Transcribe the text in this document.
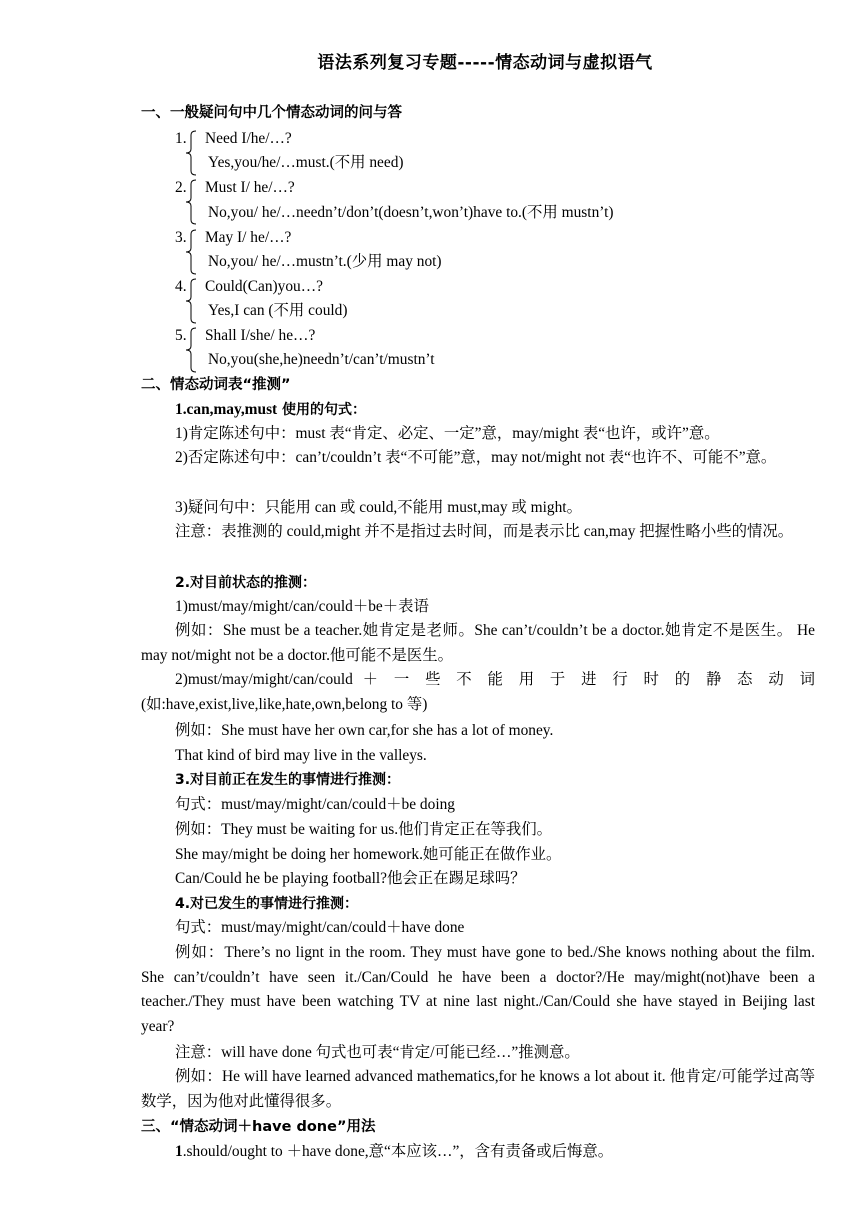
语法系列复习专题-----情态动词与虚拟语气
一、一般疑问句中几个情态动词的问与答
1. Need I/he/…?
Yes,you/he/…must.(不用 need)
2. Must I/ he/…?
No,you/ he/…needn’t/don’t(doesn’t,won’t)have to.(不用 mustn’t)
3. May I/ he/…?
No,you/ he/…mustn’t.(少用 may not)
4. Could(Can)you…?
Yes,I can (不用 could)
5. Shall I/she/ he…?
No,you(she,he)needn’t/can’t/mustn’t
二、情态动词表“推测”
1.can,may,must 使用的句式：
1)肯定陈述句中：must 表“肯定、必定、一定”意，may/might 表“也许，或许”意。
2)否定陈述句中：can’t/couldn’t 表“不可能”意，may not/might not 表“也许不、可能不”意。
3)疑问句中：只能用 can 或 could,不能用 must,may 或 might。
注意：表推测的 could,might 并不是指过去时间，而是表示比 can,may 把握性略小些的情况。
2.对目前状态的推测：
1)must/may/might/can/could＋be＋表语
例如：She must be a teacher.她肯定是老师。She can’t/couldn’t be a doctor.她肯定不是医生。 He may not/might not be a doctor.他可能不是医生。
2)must/may/might/can/could ＋ 一 些 不 能 用 于 进 行 时 的 静 态 动 词 (如:have,exist,live,like,hate,own,belong to 等)
例如：She must have her own car,for she has a lot of money.
That kind of bird may live in the valleys.
3.对目前正在发生的事情进行推测：
句式：must/may/might/can/could＋be doing
例如：They must be waiting for us.他们肯定正在等我们。
She may/might be doing her homework.她可能正在做作业。
Can/Could he be playing football?他会正在踢足球吗？
4.对已发生的事情进行推测：
句式：must/may/might/can/could＋have done
例如：There’s no lignt in the room. They must have gone to bed./She knows nothing about the film. She can’t/couldn’t have seen it./Can/Could he have been a doctor?/He may/might(not)have been a teacher./They must have been watching TV at nine last night./Can/Could she have stayed in Beijing last year?
注意：will have done 句式也可表“肯定/可能已经…”推测意。
例如：He will have learned advanced mathematics,for he knows a lot about it. 他肯定/可能学过高等数学，因为他对此懂得很多。
三、“情态动词＋have done”用法
1.should/ought to ＋have done,意“本应该…”，含有责备或后悔意。
